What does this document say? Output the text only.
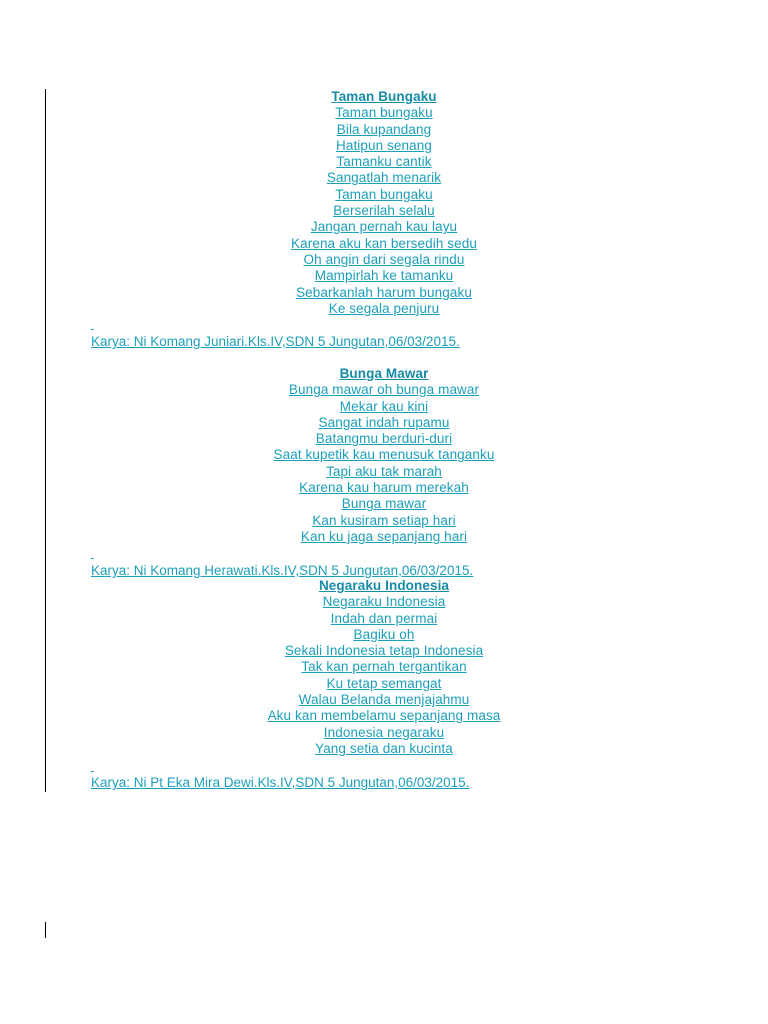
Taman Bungaku
Taman bungaku
Bila kupandang
Hatipun senang
Tamanku cantik
Sangatlah menarik
Taman bungaku
Berserilah selalu
Jangan pernah kau layu
Karena aku kan bersedih sedu
Oh angin dari segala rindu
Mampirlah ke tamanku
Sebarkanlah harum bungaku
Ke segala penjuru
Karya: Ni Komang Juniari.Kls.IV,SDN 5 Jungutan,06/03/2015.
Bunga Mawar
Bunga mawar oh bunga mawar
Mekar kau kini
Sangat indah rupamu
Batangmu berduri-duri
Saat kupetik kau menusuk tanganku
Tapi aku tak marah
Karena kau harum merekah
Bunga mawar
Kan kusiram setiap hari
Kan ku jaga sepanjang hari
Karya: Ni Komang Herawati.Kls.IV,SDN 5 Jungutan,06/03/2015.
Negaraku Indonesia
Negaraku Indonesia
Indah dan permai
Bagiku oh
Sekali Indonesia tetap Indonesia
Tak kan pernah tergantikan
Ku tetap semangat
Walau Belanda menjajahmu
Aku kan membelamu sepanjang masa
Indonesia negaraku
Yang setia dan kucinta
Karya: Ni Pt Eka Mira Dewi.Kls.IV,SDN 5 Jungutan,06/03/2015.
